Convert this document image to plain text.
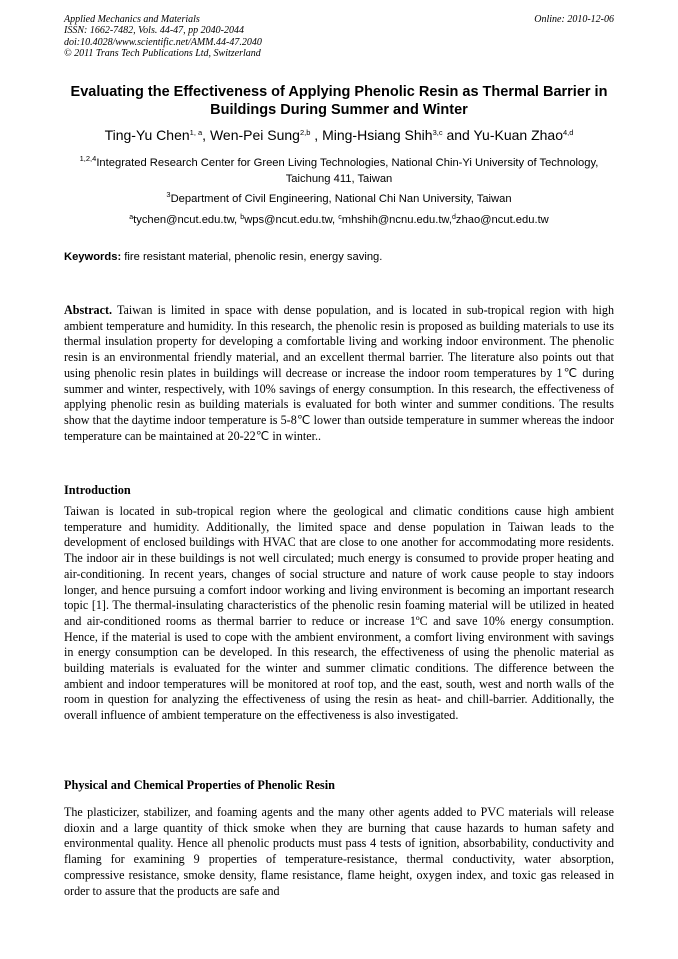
Applied Mechanics and Materials
ISSN: 1662-7482, Vols. 44-47, pp 2040-2044
doi:10.4028/www.scientific.net/AMM.44-47.2040
© 2011 Trans Tech Publications Ltd, Switzerland
Online: 2010-12-06
Evaluating the Effectiveness of Applying Phenolic Resin as Thermal Barrier in Buildings During Summer and Winter
Ting-Yu Chen$^{1, a}$, Wen-Pei Sung$^{2,b}$ , Ming-Hsiang Shih$^{3,c}$ and Yu-Kuan Zhao$^{4,d}$
$^{1,2,4}$Integrated Research Center for Green Living Technologies, National Chin-Yi University of Technology, Taichung 411, Taiwan
$^3$Department of Civil Engineering, National Chi Nan University, Taiwan
$^a$tychen@ncut.edu.tw, $^b$wps@ncut.edu.tw, $^c$mhshih@ncnu.edu.tw,$^d$zhao@ncut.edu.tw
Keywords: fire resistant material, phenolic resin, energy saving.
Abstract. Taiwan is limited in space with dense population, and is located in sub-tropical region with high ambient temperature and humidity. In this research, the phenolic resin is proposed as building materials to use its thermal insulation property for developing a comfortable living and working indoor environment. The phenolic resin is an environmental friendly material, and an excellent thermal barrier. The literature also points out that using phenolic resin plates in buildings will decrease or increase the indoor room temperatures by 1℃ during summer and winter, respectively, with 10% savings of energy consumption. In this research, the effectiveness of applying phenolic resin as building materials is evaluated for both winter and summer conditions. The results show that the daytime indoor temperature is 5-8℃ lower than outside temperature in summer whereas the indoor temperature can be maintained at 20-22℃ in winter..
Introduction
Taiwan is located in sub-tropical region where the geological and climatic conditions cause high ambient temperature and humidity. Additionally, the limited space and dense population in Taiwan leads to the development of enclosed buildings with HVAC that are close to one another for accommodating more residents. The indoor air in these buildings is not well circulated; much energy is consumed to provide proper heating and air-conditioning. In recent years, changes of social structure and nature of work cause people to stay indoors longer, and hence pursuing a comfort indoor working and living environment is becoming an important research topic [1]. The thermal-insulating characteristics of the phenolic resin foaming material will be utilized in heated and air-conditioned rooms as thermal barrier to reduce or increase 1ºC and save 10% energy consumption. Hence, if the material is used to cope with the ambient environment, a comfort living environment with savings in energy consumption can be developed. In this research, the effectiveness of using the phenolic material as building materials is evaluated for the winter and summer climatic conditions. The difference between the ambient and indoor temperatures will be monitored at roof top, and the east, south, west and north walls of the room in question for analyzing the effectiveness of using the resin as heat- and chill-barrier. Additionally, the overall influence of ambient temperature on the effectiveness is also investigated.
Physical and Chemical Properties of Phenolic Resin
The plasticizer, stabilizer, and foaming agents and the many other agents added to PVC materials will release dioxin and a large quantity of thick smoke when they are burning that cause hazards to human safety and environmental quality. Hence all phenolic products must pass 4 tests of ignition, absorbability, conductivity and flaming for examining 9 properties of temperature-resistance, thermal conductivity, water absorption, compressive resistance, smoke density, flame resistance, flame height, oxygen index, and toxic gas released in order to assure that the products are safe and
